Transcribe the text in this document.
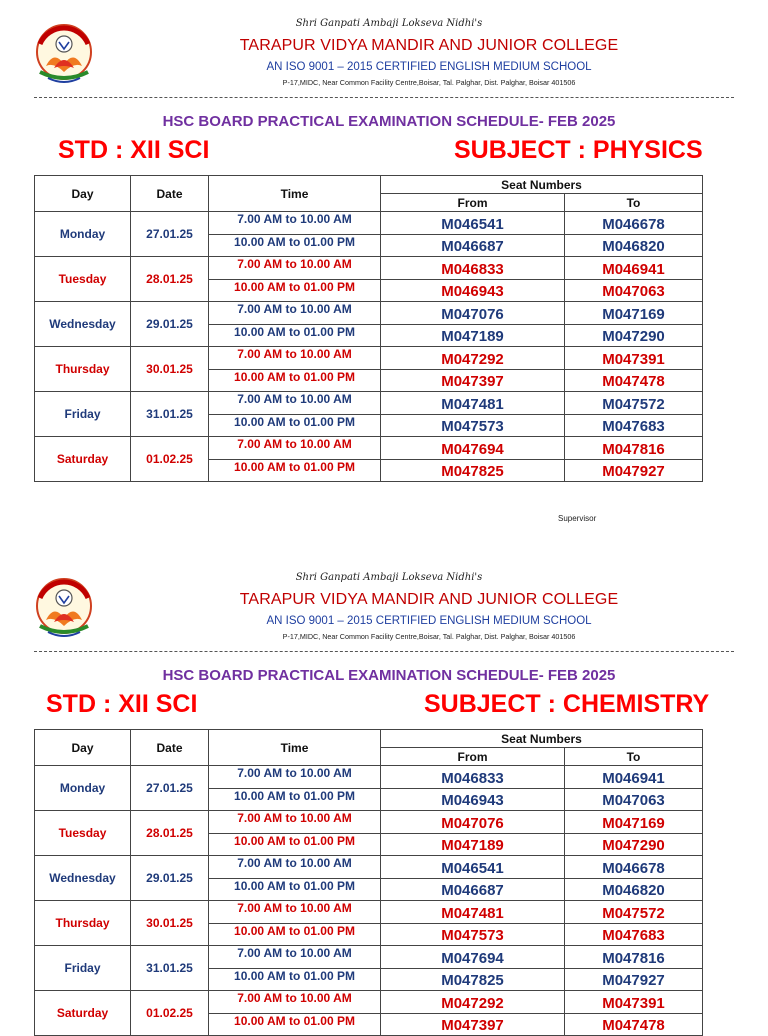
Shri Ganpati Ambaji Lokseva Nidhi's
TARAPUR VIDYA MANDIR AND JUNIOR COLLEGE
AN ISO 9001 – 2015 CERTIFIED ENGLISH MEDIUM SCHOOL
P-17,MIDC, Near Common Facility Centre,Boisar, Tal. Palghar, Dist. Palghar, Boisar 401506
HSC BOARD PRACTICAL EXAMINATION SCHEDULE- FEB 2025
STD : XII SCI	SUBJECT : PHYSICS
Day	Date	Time	Seat Numbers	
			From	To
Monday	27.01.25	7.00 AM to 10.00 AM	M046541	M046678
		10.00 AM to 01.00 PM	M046687	M046820
Tuesday	28.01.25	7.00 AM to 10.00 AM	M046833	M046941
		10.00 AM to 01.00 PM	M046943	M047063
Wednesday	29.01.25	7.00 AM to 10.00 AM	M047076	M047169
		10.00 AM to 01.00 PM	M047189	M047290
Thursday	30.01.25	7.00 AM to 10.00 AM	M047292	M047391
		10.00 AM to 01.00 PM	M047397	M047478
Friday	31.01.25	7.00 AM to 10.00 AM	M047481	M047572
		10.00 AM to 01.00 PM	M047573	M047683
Saturday	01.02.25	7.00 AM to 10.00 AM	M047694	M047816
		10.00 AM to 01.00 PM	M047825	M047927
Supervisor
Shri Ganpati Ambaji Lokseva Nidhi's
TARAPUR VIDYA MANDIR AND JUNIOR COLLEGE
AN ISO 9001 – 2015 CERTIFIED ENGLISH MEDIUM SCHOOL
P-17,MIDC, Near Common Facility Centre,Boisar, Tal. Palghar, Dist. Palghar, Boisar 401506
HSC BOARD PRACTICAL EXAMINATION SCHEDULE- FEB 2025
STD : XII SCI	SUBJECT : CHEMISTRY
Day	Date	Time	Seat Numbers	
			From	To
Monday	27.01.25	7.00 AM to 10.00 AM	M046833	M046941
		10.00 AM to 01.00 PM	M046943	M047063
Tuesday	28.01.25	7.00 AM to 10.00 AM	M047076	M047169
		10.00 AM to 01.00 PM	M047189	M047290
Wednesday	29.01.25	7.00 AM to 10.00 AM	M046541	M046678
		10.00 AM to 01.00 PM	M046687	M046820
Thursday	30.01.25	7.00 AM to 10.00 AM	M047481	M047572
		10.00 AM to 01.00 PM	M047573	M047683
Friday	31.01.25	7.00 AM to 10.00 AM	M047694	M047816
		10.00 AM to 01.00 PM	M047825	M047927
Saturday	01.02.25	7.00 AM to 10.00 AM	M047292	M047391
		10.00 AM to 01.00 PM	M047397	M047478
